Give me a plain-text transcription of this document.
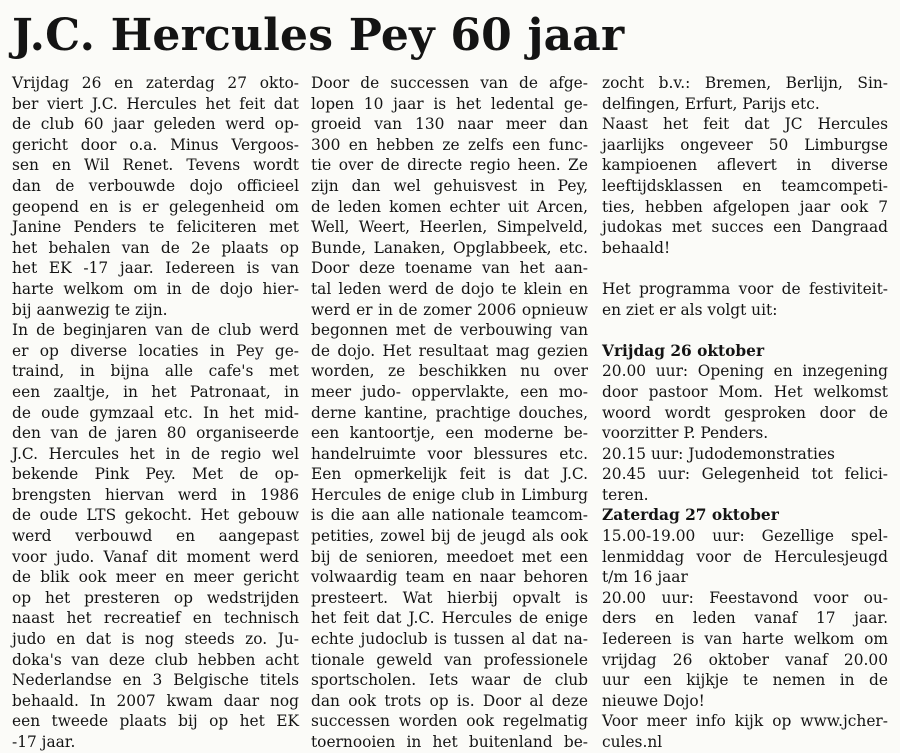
J.C. Hercules Pey 60 jaar
Vrijdag 26 en zaterdag 27 okto-
ber viert J.C. Hercules het feit dat
de club 60 jaar geleden werd op-
gericht door o.a. Minus Vergoos-
sen en Wil Renet. Tevens wordt
dan de verbouwde dojo officieel
geopend en is er gelegenheid om
Janine Penders te feliciteren met
het behalen van de 2e plaats op
het EK -17 jaar. Iedereen is van
harte welkom om in de dojo hier-
bij aanwezig te zijn.
In de beginjaren van de club werd
er op diverse locaties in Pey ge-
traind, in bijna alle cafe's met
een zaaltje, in het Patronaat, in
de oude gymzaal etc. In het mid-
den van de jaren 80 organiseerde
J.C. Hercules het in de regio wel
bekende Pink Pey. Met de op-
brengsten hiervan werd in 1986
de oude LTS gekocht. Het gebouw
werd verbouwd en aangepast
voor judo. Vanaf dit moment werd
de blik ook meer en meer gericht
op het presteren op wedstrijden
naast het recreatief en technisch
judo en dat is nog steeds zo. Ju-
doka's van deze club hebben acht
Nederlandse en 3 Belgische titels
behaald. In 2007 kwam daar nog
een tweede plaats bij op het EK
-17 jaar.
Door de successen van de afge-
lopen 10 jaar is het ledental ge-
groeid van 130 naar meer dan
300 en hebben ze zelfs een func-
tie over de directe regio heen. Ze
zijn dan wel gehuisvest in Pey,
de leden komen echter uit Arcen,
Well, Weert, Heerlen, Simpelveld,
Bunde, Lanaken, Opglabbeek, etc.
Door deze toename van het aan-
tal leden werd de dojo te klein en
werd er in de zomer 2006 opnieuw
begonnen met de verbouwing van
de dojo. Het resultaat mag gezien
worden, ze beschikken nu over
meer judo- oppervlakte, een mo-
derne kantine, prachtige douches,
een kantoortje, een moderne be-
handelruimte voor blessures etc.
Een opmerkelijk feit is dat J.C.
Hercules de enige club in Limburg
is die aan alle nationale teamcom-
petities, zowel bij de jeugd als ook
bij de senioren, meedoet met een
volwaardig team en naar behoren
presteert. Wat hierbij opvalt is
het feit dat J.C. Hercules de enige
echte judoclub is tussen al dat na-
tionale geweld van professionele
sportscholen. Iets waar de club
dan ook trots op is. Door al deze
successen worden ook regelmatig
toernooien in het buitenland be-
zocht b.v.: Bremen, Berlijn, Sin-
delfingen, Erfurt, Parijs etc.
Naast het feit dat JC Hercules
jaarlijks ongeveer 50 Limburgse
kampioenen aflevert in diverse
leeftijdsklassen en teamcompeti-
ties, hebben afgelopen jaar ook 7
judokas met succes een Dangraad
behaald!
Het programma voor de festiviteit-
en ziet er als volgt uit:
Vrijdag 26 oktober
20.00 uur: Opening en inzegening
door pastoor Mom. Het welkomst
woord wordt gesproken door de
voorzitter P. Penders.
20.15 uur: Judodemonstraties
20.45 uur: Gelegenheid tot felici-
teren.
Zaterdag 27 oktober
15.00-19.00 uur: Gezellige spel-
lenmiddag voor de Herculesjeugd
t/m 16 jaar
20.00 uur: Feestavond voor ou-
ders en leden vanaf 17 jaar.
Iedereen is van harte welkom om
vrijdag 26 oktober vanaf 20.00
uur een kijkje te nemen in de
nieuwe Dojo!
Voor meer info kijk op www.jcher-
cules.nl
